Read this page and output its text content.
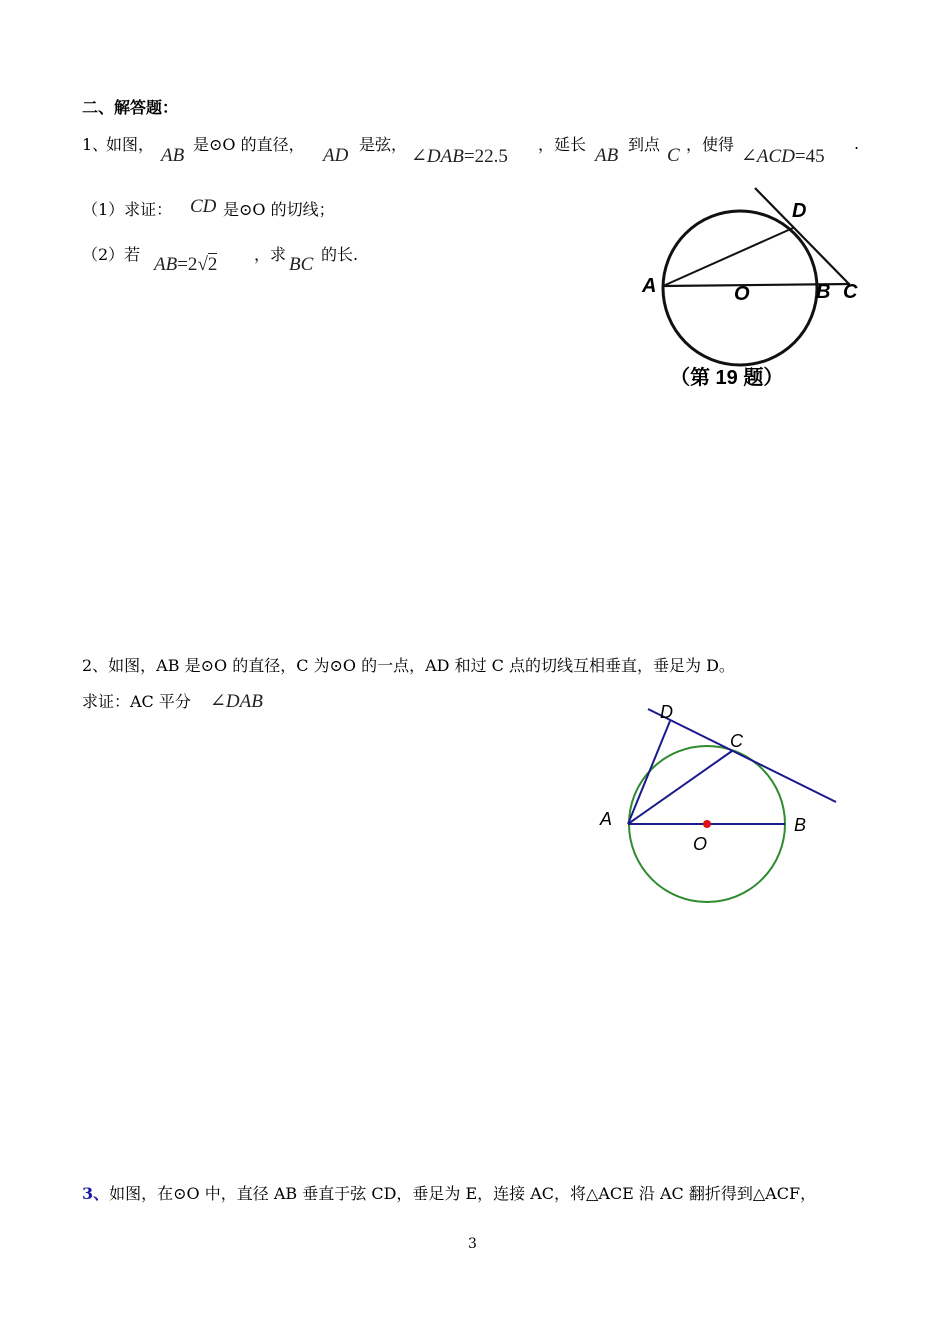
二、解答题：
1、
如图，
AB
是⊙O 的直径，
AD
是弦，
∠DAB=22.5
，延长
AB
到点
C
，使得
∠ACD=45
.
（1）求证： CD 是⊙O 的切线；
（2）若 AB=2√2 ，求 BC 的长.
A	O	B C
D
（第 19 题）
2、如图，AB 是⊙O 的直径，C 为⊙O 的一点，AD 和过 C 点的切线互相垂直，垂足为 D。
求证：AC 平分 ∠DAB
A	B
C
D
O
3、如图，在⊙O 中，直径 AB 垂直于弦 CD，垂足为 E，连接 AC，将△ACE 沿 AC 翻折得到△ACF，
3
